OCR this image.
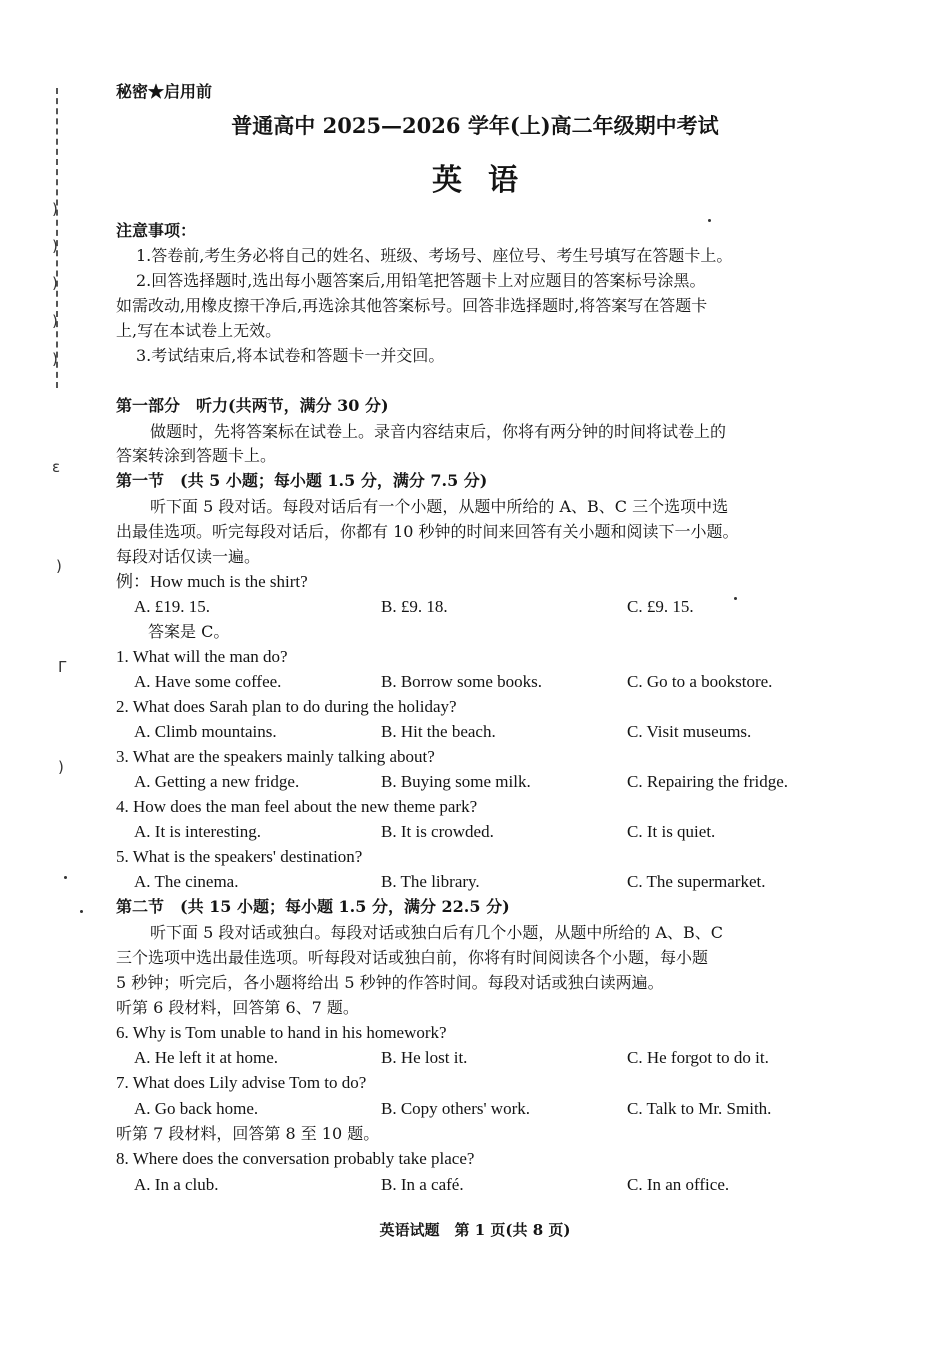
)
)
)
)
)
ɛ
)
Γ
)
秘密★启用前
普通高中 2025—2026 学年(上)高二年级期中考试
英语
注意事项：
1.答卷前,考生务必将自己的姓名、班级、考场号、座位号、考生号填写在答题卡上。
2.回答选择题时,选出每小题答案后,用铅笔把答题卡上对应题目的答案标号涂黑。
如需改动,用橡皮擦干净后,再选涂其他答案标号。回答非选择题时,将答案写在答题卡
上,写在本试卷上无效。
3.考试结束后,将本试卷和答题卡一并交回。
第一部分　听力(共两节，满分 30 分)
做题时，先将答案标在试卷上。录音内容结束后，你将有两分钟的时间将试卷上的
答案转涂到答题卡上。
第一节　(共 5 小题；每小题 1.5 分，满分 7.5 分)
听下面 5 段对话。每段对话后有一个小题，从题中所给的 A、B、C 三个选项中选
出最佳选项。听完每段对话后，你都有 10 秒钟的时间来回答有关小题和阅读下一小题。
每段对话仅读一遍。
例：How much is the shirt?
A. £19. 15.	B. £9. 18.	C. £9. 15.
答案是 C。
1. What will the man do?
A. Have some coffee.	B. Borrow some books.	C. Go to a bookstore.
2. What does Sarah plan to do during the holiday?
A. Climb mountains.	B. Hit the beach.	C. Visit museums.
3. What are the speakers mainly talking about?
A. Getting a new fridge.	B. Buying some milk.	C. Repairing the fridge.
4. How does the man feel about the new theme park?
A. It is interesting.	B. It is crowded.	C. It is quiet.
5. What is the speakers' destination?
A. The cinema.	B. The library.	C. The supermarket.
第二节　(共 15 小题；每小题 1.5 分，满分 22.5 分)
听下面 5 段对话或独白。每段对话或独白后有几个小题，从题中所给的 A、B、C
三个选项中选出最佳选项。听每段对话或独白前，你将有时间阅读各个小题，每小题
5 秒钟；听完后，各小题将给出 5 秒钟的作答时间。每段对话或独白读两遍。
听第 6 段材料，回答第 6、7 题。
6. Why is Tom unable to hand in his homework?
A. He left it at home.	B. He lost it.	C. He forgot to do it.
7. What does Lily advise Tom to do?
A. Go back home.	B. Copy others' work.	C. Talk to Mr. Smith.
听第 7 段材料，回答第 8 至 10 题。
8. Where does the conversation probably take place?
A. In a club.	B. In a café.	C. In an office.
英语试题　第 1 页(共 8 页)
